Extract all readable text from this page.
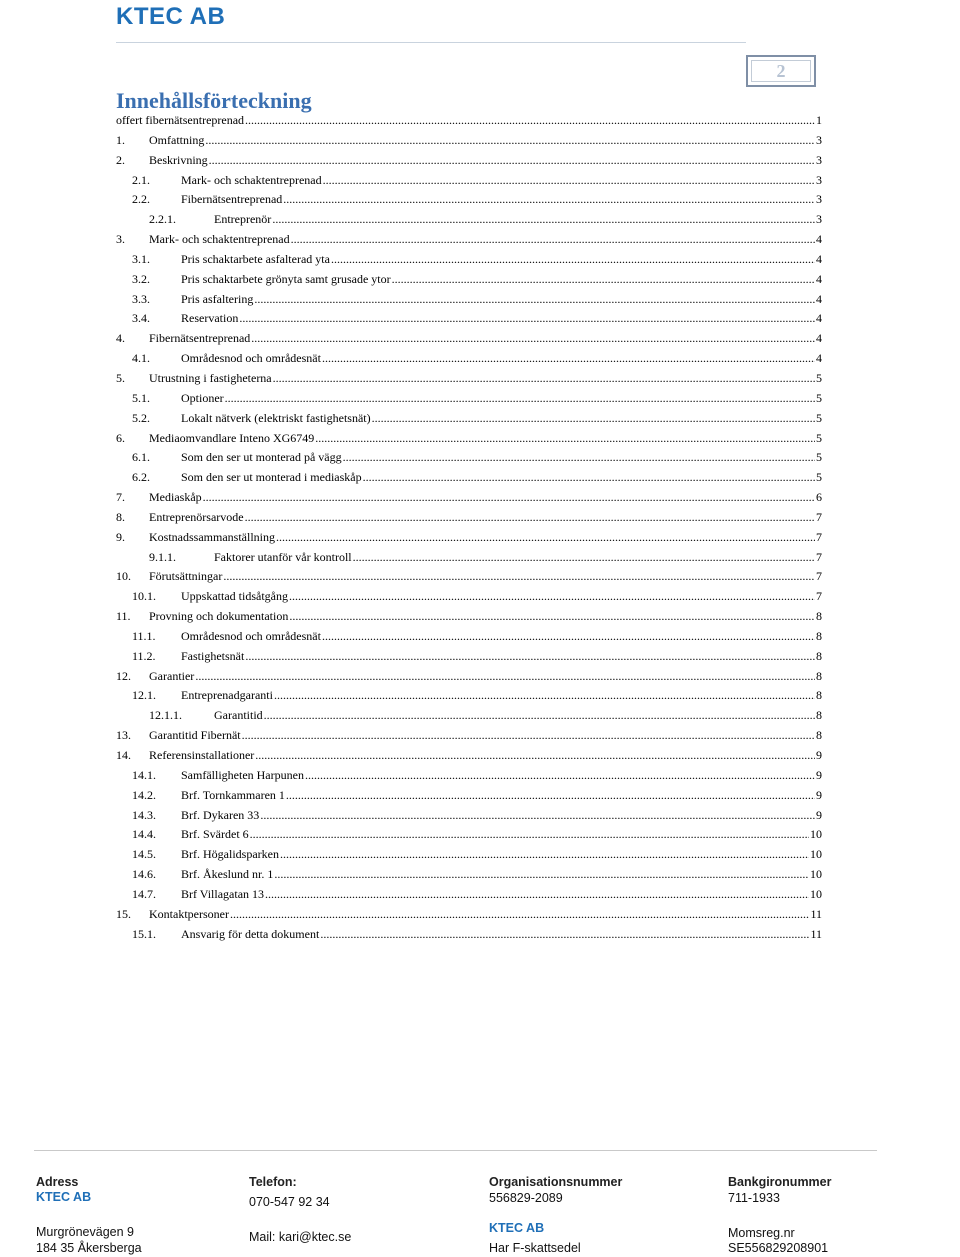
KTEC AB
2
Innehållsförteckning
offert fibernätsentreprenad .....	1
1.	Omfattning .....	3
2.	Beskrivning .....	3
2.1.	Mark- och schaktentreprenad .....	3
2.2.	Fibernätsentreprenad .....	3
2.2.1.	Entreprenör .....	3
3.	Mark- och schaktentreprenad .....	4
3.1.	Pris schaktarbete asfalterad yta .....	4
3.2.	Pris schaktarbete grönyta samt grusade ytor .....	4
3.3.	Pris asfaltering .....	4
3.4.	Reservation .....	4
4.	Fibernätsentreprenad .....	4
4.1.	Områdesnod och områdesnät .....	4
5.	Utrustning i fastigheterna .....	5
5.1.	Optioner .....	5
5.2.	Lokalt nätverk (elektriskt fastighetsnät) .....	5
6.	Mediaomvandlare Inteno XG6749 .....	5
6.1.	Som den ser ut monterad på vägg .....	5
6.2.	Som den ser ut monterad i mediaskåp .....	5
7.	Mediaskåp .....	6
8.	Entreprenörsarvode .....	7
9.	Kostnadssammanställning .....	7
9.1.1.	Faktorer utanför vår kontroll .....	7
10.	Förutsättningar .....	7
10.1.	Uppskattad tidsåtgång .....	7
11.	Provning och dokumentation .....	8
11.1.	Områdesnod och områdesnät .....	8
11.2.	Fastighetsnät .....	8
12.	Garantier .....	8
12.1.	Entreprenadgaranti .....	8
12.1.1.	Garantitid .....	8
13.	Garantitid Fibernät .....	8
14.	Referensinstallationer .....	9
14.1.	Samfälligheten Harpunen .....	9
14.2.	Brf. Tornkammaren 1 .....	9
14.3.	Brf. Dykaren 33 .....	9
14.4.	Brf. Svärdet 6 .....	10
14.5.	Brf. Högalidsparken .....	10
14.6.	Brf. Åkeslund nr. 1 .....	10
14.7.	Brf Villagatan 13 .....	10
15.	Kontaktpersoner .....	11
15.1.	Ansvarig för detta dokument .....	11
Adress
KTEC AB
Murgrönevägen 9
184 35 Åkersberga
Telefon:
070-547 92 34
Mail: kari@ktec.se
Organisationsnummer
556829-2089
KTEC AB
Har F-skattsedel
Bankgironummer
711-1933
Momsreg.nr
SE556829208901
